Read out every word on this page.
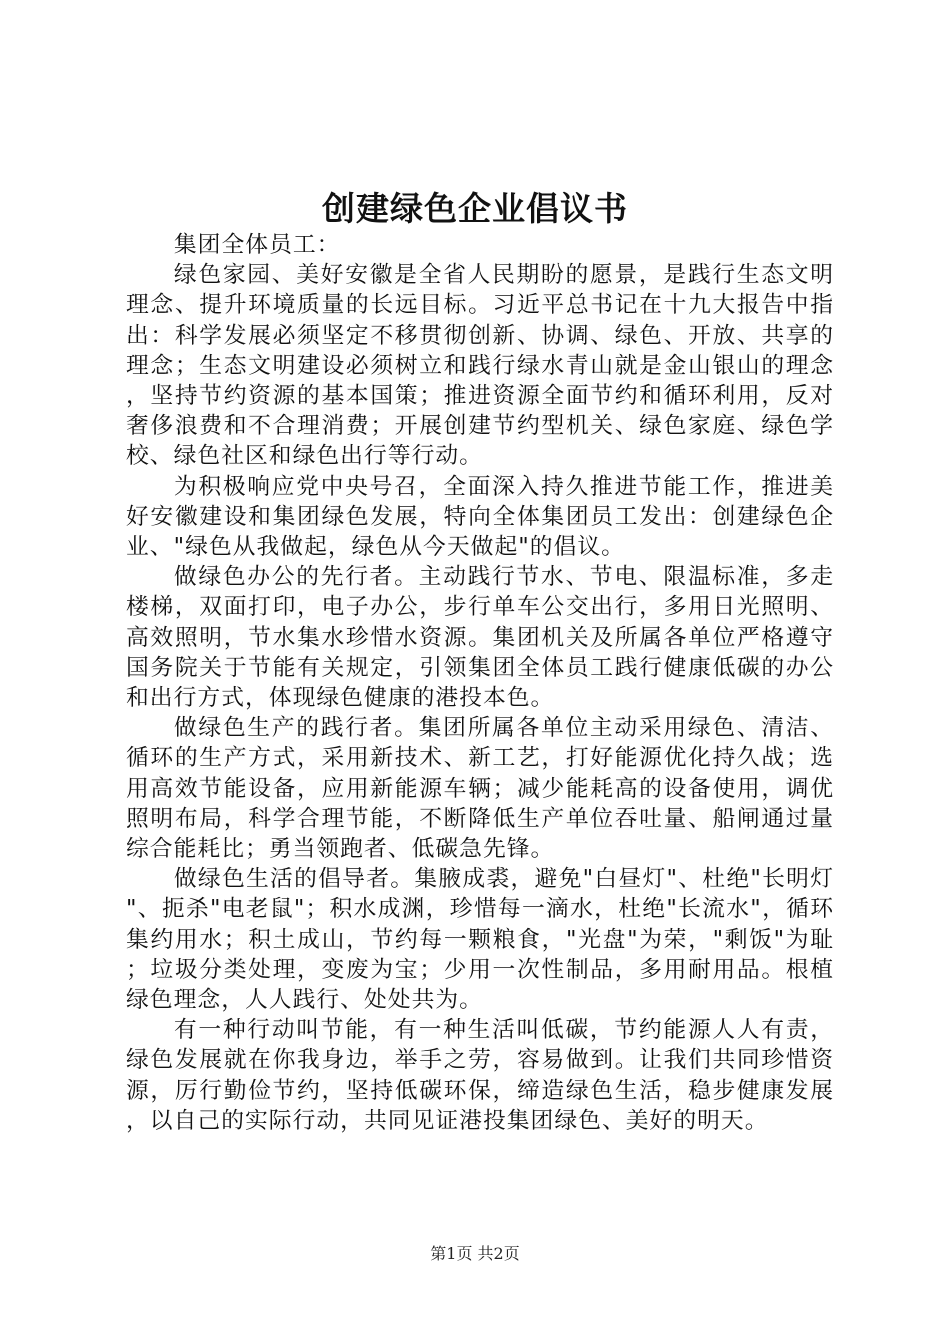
创建绿色企业倡议书

集团全体员工：

绿色家园、美好安徽是全省人民期盼的愿景，是践行生态文明理念、提升环境质量的长远目标。习近平总书记在十九大报告中指出：科学发展必须坚定不移贯彻创新、协调、绿色、开放、共享的理念；生态文明建设必须树立和践行绿水青山就是金山银山的理念，坚持节约资源的基本国策；推进资源全面节约和循环利用，反对奢侈浪费和不合理消费；开展创建节约型机关、绿色家庭、绿色学校、绿色社区和绿色出行等行动。

为积极响应党中央号召，全面深入持久推进节能工作，推进美好安徽建设和集团绿色发展，特向全体集团员工发出：创建绿色企业、"绿色从我做起，绿色从今天做起"的倡议。

做绿色办公的先行者。主动践行节水、节电、限温标准，多走楼梯，双面打印，电子办公，步行单车公交出行，多用日光照明、高效照明，节水集水珍惜水资源。集团机关及所属各单位严格遵守国务院关于节能有关规定，引领集团全体员工践行健康低碳的办公和出行方式，体现绿色健康的港投本色。

做绿色生产的践行者。集团所属各单位主动采用绿色、清洁、循环的生产方式，采用新技术、新工艺，打好能源优化持久战；选用高效节能设备，应用新能源车辆；减少能耗高的设备使用，调优照明布局，科学合理节能，不断降低生产单位吞吐量、船闸通过量综合能耗比；勇当领跑者、低碳急先锋。

做绿色生活的倡导者。集腋成裘，避免"白昼灯"、杜绝"长明灯"、扼杀"电老鼠"；积水成渊，珍惜每一滴水，杜绝"长流水"，循环集约用水；积土成山，节约每一颗粮食，"光盘"为荣，"剩饭"为耻；垃圾分类处理，变废为宝；少用一次性制品，多用耐用品。根植绿色理念，人人践行、处处共为。

有一种行动叫节能，有一种生活叫低碳，节约能源人人有责，绿色发展就在你我身边，举手之劳，容易做到。让我们共同珍惜资源，厉行勤俭节约，坚持低碳环保，缔造绿色生活，稳步健康发展，以自己的实际行动，共同见证港投集团绿色、美好的明天。

第1页 共2页
